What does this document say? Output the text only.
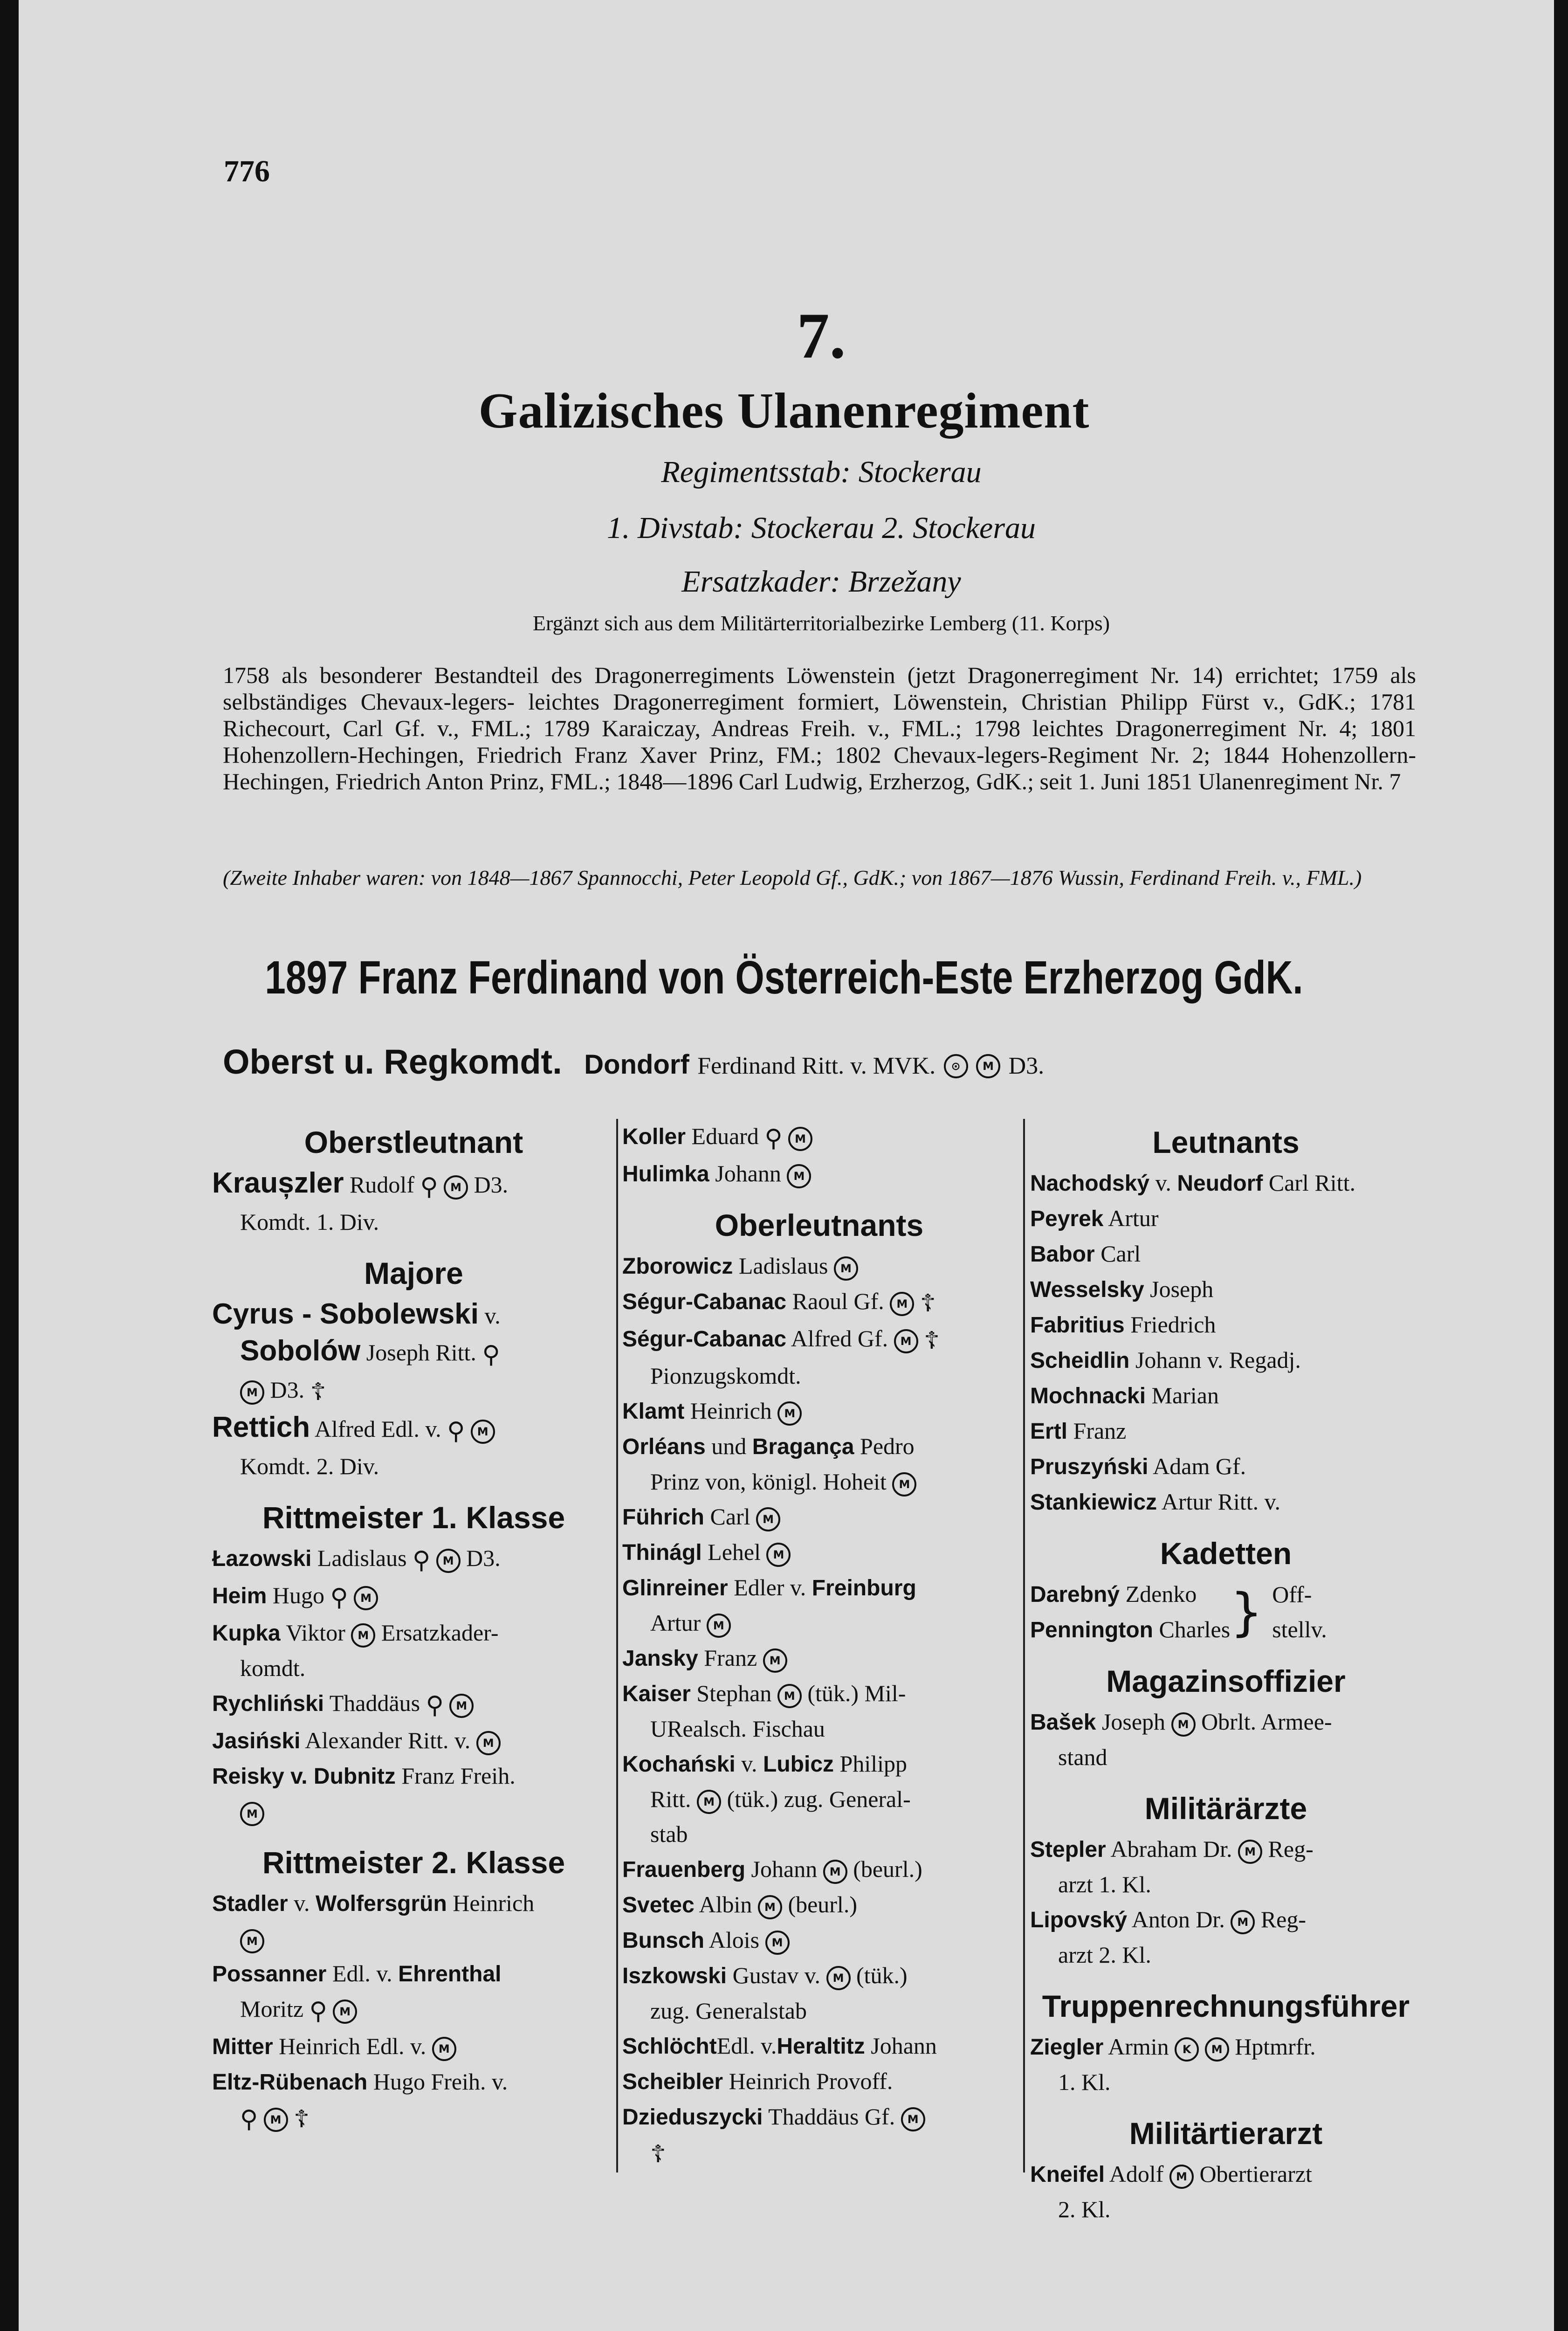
776
7.
Galizisches Ulanenregiment
Regimentsstab: Stockerau
1. Divstab: Stockerau 2. Stockerau
Ersatzkader: Brzežany
Ergänzt sich aus dem Militärterritorialbezirke Lemberg (11. Korps)
1758 als besonderer Bestandteil des Dragonerregiments Löwenstein (jetzt Dragonerregiment Nr. 14) errichtet; 1759 als selbständiges Chevaux-legers- leichtes Dragonerregiment formiert, Löwenstein, Christian Philipp Fürst v., GdK.; 1781 Richecourt, Carl Gf. v., FML.; 1789 Karaiczay, Andreas Freih. v., FML.; 1798 leichtes Dragonerregiment Nr. 4; 1801 Hohenzollern-Hechingen, Friedrich Franz Xaver Prinz, FM.; 1802 Chevaux-legers-Regiment Nr. 2; 1844 Hohenzollern-Hechingen, Friedrich Anton Prinz, FML.; 1848—1896 Carl Ludwig, Erzherzog, GdK.; seit 1. Juni 1851 Ulanenregiment Nr. 7
(Zweite Inhaber waren: von 1848—1867 Spannocchi, Peter Leopold Gf., GdK.; von 1867—1876 Wussin, Ferdinand Freih. v., FML.)
1897 Franz Ferdinand von Österreich-Este Erzherzog GdK.
Oberst u. Regkomdt. Dondorf Ferdinand Ritt. v. MVK. ⊙ M D3.
Oberstleutnant
Kraușzler Rudolf ⚲ M D3.
Komdt. 1. Div.
Majore
Cyrus - Sobolewski v.
Sobolów Joseph Ritt. ⚲
M D3. ☦
Rettich Alfred Edl. v. ⚲ M
Komdt. 2. Div.
Rittmeister 1. Klasse
Łazowski Ladislaus ⚲ M D3.
Heim Hugo ⚲ M
Kupka Viktor M Ersatzkader-
komdt.
Rychliński Thaddäus ⚲ M
Jasiński Alexander Ritt. v. M
Reisky v. Dubnitz Franz Freih.
M
Rittmeister 2. Klasse
Stadler v. Wolfersgrün Heinrich
M
Possanner Edl. v. Ehrenthal
Moritz ⚲ M
Mitter Heinrich Edl. v. M
Eltz-Rübenach Hugo Freih. v.
⚲ M ☦
Koller Eduard ⚲ M
Hulimka Johann M
Oberleutnants
Zborowicz Ladislaus M
Ségur-Cabanac Raoul Gf. M ☦
Ségur-Cabanac Alfred Gf. M ☦
Pionzugskomdt.
Klamt Heinrich M
Orléans und Bragança Pedro
Prinz von, königl. Hoheit M
Führich Carl M
Thinágl Lehel M
Glinreiner Edler v. Freinburg
Artur M
Jansky Franz M
Kaiser Stephan M (tük.) Mil-
URealsch. Fischau
Kochański v. Lubicz Philipp
Ritt. M (tük.) zug. General-
stab
Frauenberg Johann M (beurl.)
Svetec Albin M (beurl.)
Bunsch Alois M
Iszkowski Gustav v. M (tük.)
zug. Generalstab
SchlöchtEdl. v.Heraltitz Johann
Scheibler Heinrich Provoff.
Dzieduszycki Thaddäus Gf. M
☦
Leutnants
Nachodský v. Neudorf Carl Ritt.
Peyrek Artur
Babor Carl
Wesselsky Joseph
Fabritius Friedrich
Scheidlin Johann v. Regadj.
Mochnacki Marian
Ertl Franz
Pruszyński Adam Gf.
Stankiewicz Artur Ritt. v.
Kadetten
Darebný Zdenko
Pennington Charles } Off-
stellv.
Magazinsoffizier
Bašek Joseph M Obrlt. Armee-
stand
Militärärzte
Stepler Abraham Dr. M Reg-
arzt 1. Kl.
Lipovský Anton Dr. M Reg-
arzt 2. Kl.
Truppenrechnungsführer
Ziegler Armin K M Hptmrfr.
1. Kl.
Militärtierarzt
Kneifel Adolf M Obertierarzt
2. Kl.
